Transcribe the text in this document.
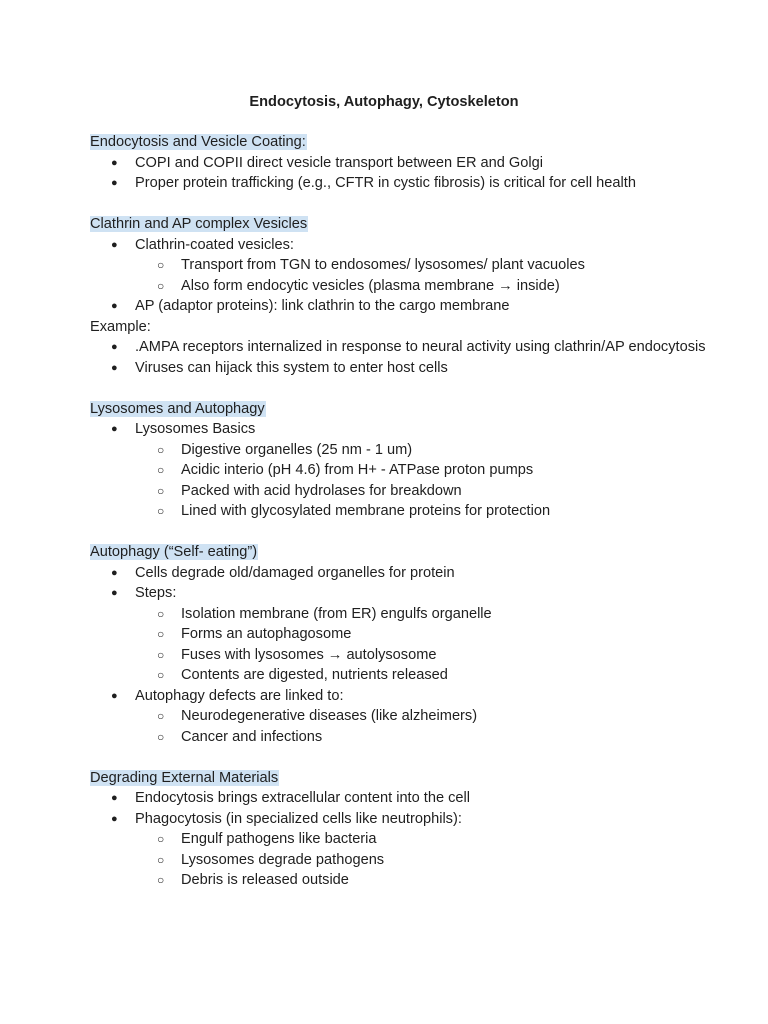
Endocytosis, Autophagy, Cytoskeleton
Endocytosis and Vesicle Coating:
● COPI and COPII direct vesicle transport between ER and Golgi
● Proper protein trafficking (e.g., CFTR in cystic fibrosis) is critical for cell health
Clathrin and AP complex Vesicles
● Clathrin-coated vesicles:
○ Transport from TGN to endosomes/ lysosomes/ plant vacuoles
○ Also form endocytic vesicles (plasma membrane → inside)
● AP (adaptor proteins): link clathrin to the cargo membrane
Example:
● .AMPA receptors internalized in response to neural activity using clathrin/AP endocytosis
● Viruses can hijack this system to enter host cells
Lysosomes and Autophagy
● Lysosomes Basics
○ Digestive organelles (25 nm - 1 um)
○ Acidic interio (pH 4.6) from H+ - ATPase proton pumps
○ Packed with acid hydrolases for breakdown
○ Lined with glycosylated membrane proteins for protection
Autophagy (“Self- eating”)
● Cells degrade old/damaged organelles for protein
● Steps:
○ Isolation membrane (from ER) engulfs organelle
○ Forms an autophagosome
○ Fuses with lysosomes → autolysosome
○ Contents are digested, nutrients released
● Autophagy defects are linked to:
○ Neurodegenerative diseases (like alzheimers)
○ Cancer and infections
Degrading External Materials
● Endocytosis brings extracellular content into the cell
● Phagocytosis (in specialized cells like neutrophils):
○ Engulf pathogens like bacteria
○ Lysosomes degrade pathogens
○ Debris is released outside
